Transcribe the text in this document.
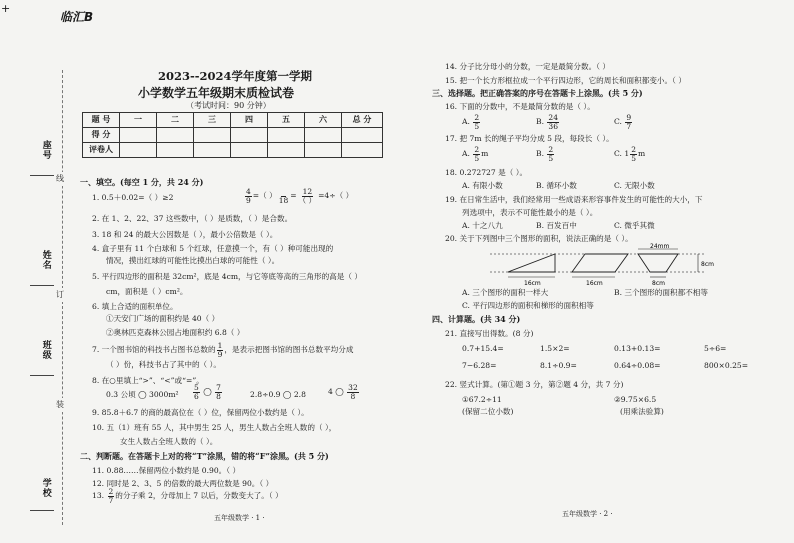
+
临汇B
线
订
装
座号
姓名
班级
学校
2023--2024学年度第一学期
小学数学五年级期末质检试卷
（考试时间：90 分钟）
题 号	一	二	三	四	五	六	总 分
得 分							
评卷人							
一、填空。(每空 1 分，共 24 分)
1. 0.5＋0.02=（ ）≥2	$\frac{4}{9}$ =（ ）
$18 = \frac{12}{( )} =4\div$（ ）
2. 在 1、2、22、37 这些数中，（ ）是质数，（ ）是合数。
3. 18 和 24 的最大公因数是（ ），最小公倍数是（ ）。
4. 盒子里有 11 个白球和 5 个红球，任意摸一个，有（ ）种可能出现的
情况，摸出红球的可能性比摸出白球的可能性（ ）。
5. 平行四边形的面积是 32cm²，底是 4cm，与它等底等高的三角形的高是（ ）
cm，面积是（ ）cm²。
6. 填上合适的面积单位。
①天安门广场的面积约是 40（ ）
②奥林匹克森林公园占地面积约 6.8（ ）
7. 一个图书馆的科技书占图书总数的 $\frac{1}{9}$ ，是表示把图书馆的图书总数平均分成
（ ）份，科技书占了其中的（ ）。
8. 在○里填上“>”、“<”或“=”。
0.3 公顷 ◯ $3000m^2 \frac{5}{6}$ ◯ $\frac{7}{8}$	2.8÷0.9 ◯ 2.8	4 ◯ $\frac{32}{8}$
9. 85.8＋6.7 的商的最高位在（ ）位，保留两位小数约是（ ）。
10. 五（1）班有 55 人，其中男生 25 人，男生人数占全班人数的（ ），
女生人数占全班人数的（ ）。
二、判断题。在答题卡上对的将“T”涂黑，错的将“F”涂黑。(共 5 分)
11. 0.88……保留两位小数约是 0.90。（ ）
12. 同时是 2、3、5 的倍数的最大两位数是 90。（ ）
13. $\frac{2}{7}$ 的分子乘 2，分母加上 7 以后，分数变大了。（ ）
五年级数学 · 1 ·
14. 分子比分母小的分数，一定是最简分数。（ ）
15. 把一个长方形框拉成一个平行四边形，它的周长和面积都变小。（ ）
三、选择题。把正确答案的序号在答题卡上涂黑。(共 5 分)
16. 下面的分数中，不是最简分数的是（ ）。
A. $\frac{2}{5}$	B. $\frac{24}{36}$	C. $\frac{9}{7}$
17. 把 7m 长的绳子平均分成 5 段，每段长（ ）。
A. $\frac{2}{5}$ m	B. $\frac{2}{5}$	C. $1 \frac{2}{5}$ m
18. 0.272727 是（ ）。
A. 有限小数	B. 循环小数	C. 无限小数
19. 在日常生活中，我们经常用一些成语来形容事件发生的可能性的大小，下
列选项中，表示不可能性最小的是（ ）。
A. 十之八九	B. 百发百中	C. 微乎其微
20. 关于下列图中三个图形的面积，说法正确的是（ ）。
24mm
8cm
16cm	16cm	8cm
A. 三个图形的面积一样大	B. 三个图形的面积都不相等
C. 平行四边形的面积和梯形的面积相等
四、计算题。(共 34 分)
21. 直接写出得数。(8 分)
0.7+15.4=	1.5×2=	0.13+0.13=	5÷6=
7−6.28=	8.1÷0.9=	0.64÷0.08=	800×0.25=
22. 竖式计算。(第①题 3 分，第②题 4 分，共 7 分)
①67.2÷11
(保留二位小数)
②9.75×6.5
(用乘法验算)
五年级数学 · 2 ·
